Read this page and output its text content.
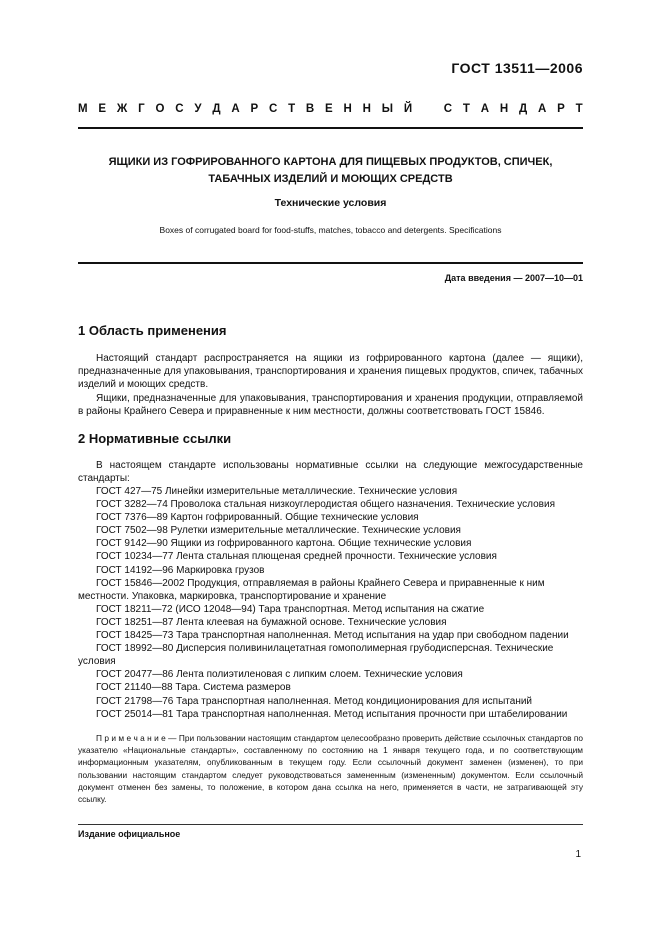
ГОСТ 13511—2006
М Е Ж Г О С У Д А Р С Т В Е Н Н Ы Й	С Т А Н Д А Р Т
ЯЩИКИ ИЗ ГОФРИРОВАННОГО КАРТОНА ДЛЯ ПИЩЕВЫХ ПРОДУКТОВ, СПИЧЕК,
ТАБАЧНЫХ ИЗДЕЛИЙ И МОЮЩИХ СРЕДСТВ
Технические условия
Boxes of corrugated board for food-stuffs, matches, tobacco and detergents. Specifications
Дата введения — 2007—10—01
1 Область применения

Настоящий стандарт распространяется на ящики из гофрированного картона (далее — ящики), предназначенные для упаковывания, транспортирования и хранения пищевых продуктов, спичек, табачных изделий и моющих средств.

Ящики, предназначенные для упаковывания, транспортирования и хранения продукции, отправляемой в районы Крайнего Севера и приравненные к ним местности, должны соответствовать ГОСТ 15846.

2 Нормативные ссылки

В настоящем стандарте использованы нормативные ссылки на следующие межгосударственные стандарты:

ГОСТ 427—75 Линейки измерительные металлические. Технические условия
ГОСТ 3282—74 Проволока стальная низкоуглеродистая общего назначения. Технические условия
ГОСТ 7376—89 Картон гофрированный. Общие технические условия
ГОСТ 7502—98 Рулетки измерительные металлические. Технические условия
ГОСТ 9142—90 Ящики из гофрированного картона. Общие технические условия
ГОСТ 10234—77 Лента стальная плющеная средней прочности. Технические условия
ГОСТ 14192—96 Маркировка грузов
ГОСТ 15846—2002 Продукция, отправляемая в районы Крайнего Севера и приравненные к ним местности. Упаковка, маркировка, транспортирование и хранение
ГОСТ 18211—72 (ИСО 12048—94) Тара транспортная. Метод испытания на сжатие
ГОСТ 18251—87 Лента клеевая на бумажной основе. Технические условия
ГОСТ 18425—73 Тара транспортная наполненная. Метод испытания на удар при свободном падении
ГОСТ 18992—80 Дисперсия поливинилацетатная гомополимерная грубодисперсная. Технические условия
ГОСТ 20477—86 Лента полиэтиленовая с липким слоем. Технические условия
ГОСТ 21140—88 Тара. Система размеров
ГОСТ 21798—76 Тара транспортная наполненная. Метод кондиционирования для испытаний
ГОСТ 25014—81 Тара транспортная наполненная. Метод испытания прочности при штабелировании
П р и м е ч а н и е — При пользовании настоящим стандартом целесообразно проверить действие ссылочных стандартов по указателю «Национальные стандарты», составленному по состоянию на 1 января текущего года, и по соответствующим информационным указателям, опубликованным в текущем году. Если ссылочный документ заменен (изменен), то при пользовании настоящим стандартом следует руководствоваться замененным (измененным) документом. Если ссылочный документ отменен без замены, то положение, в котором дана ссылка на него, применяется в части, не затрагивающей эту ссылку.
Издание официальное
1
